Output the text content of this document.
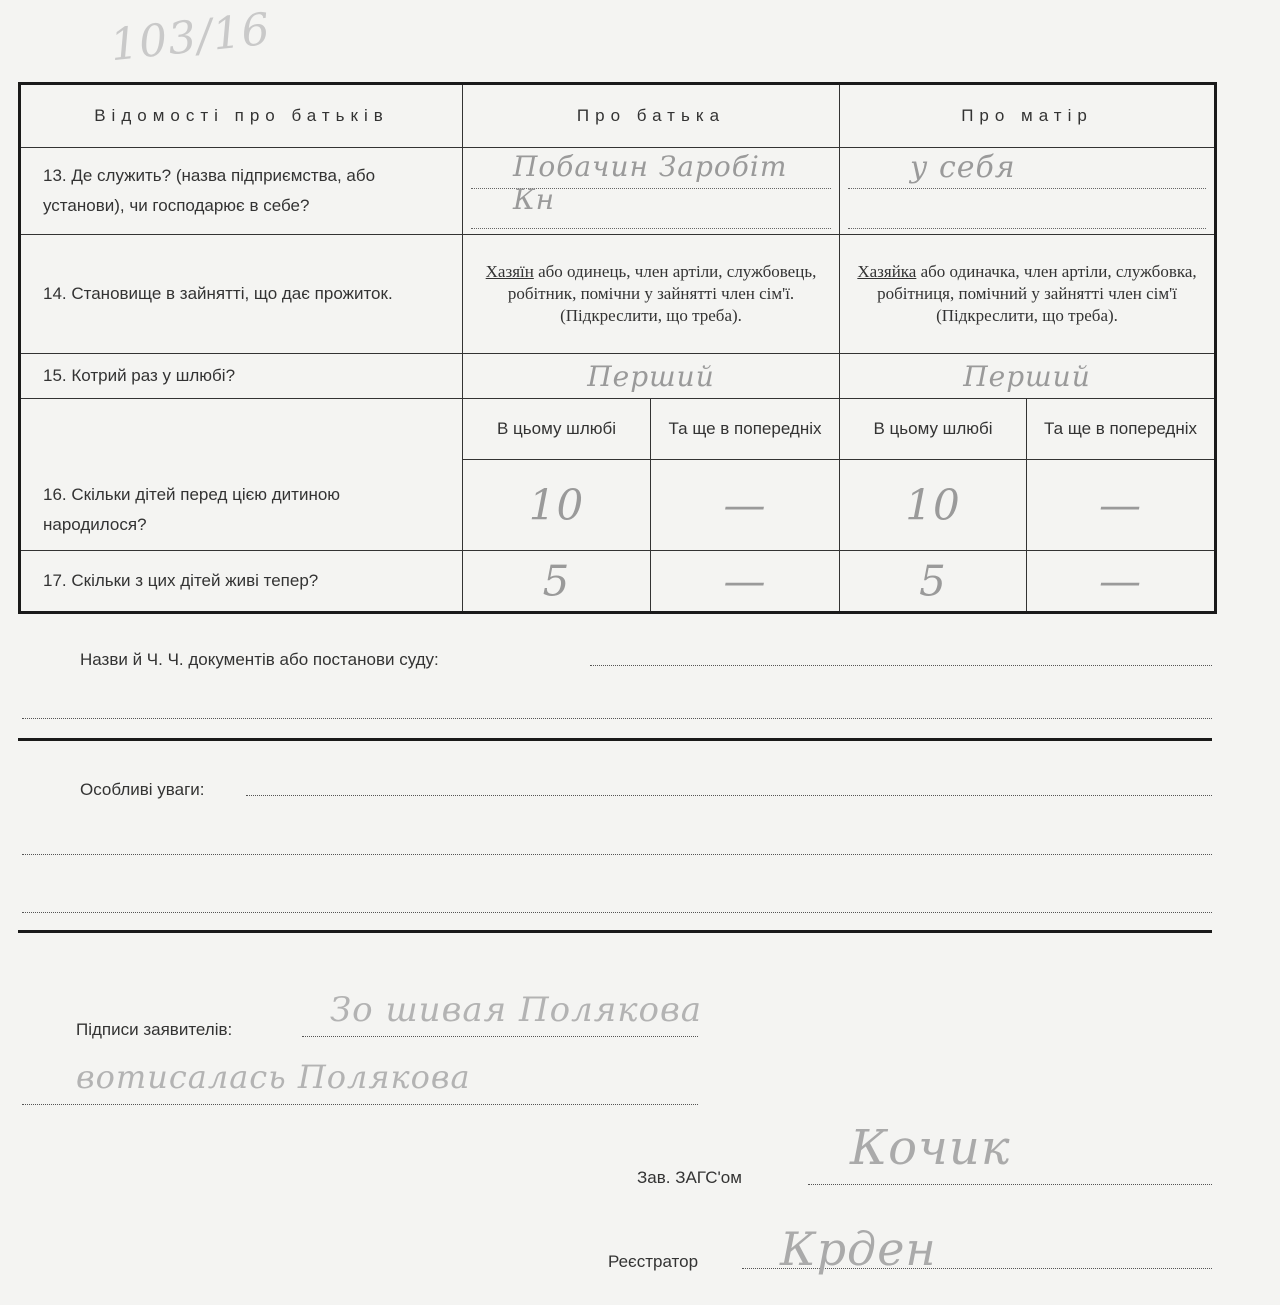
103/16
Відомості про батьків	Про батька		Про матір	
13. Де служить? (назва підприємства, або установи), чи господарює в себе?	Побачин Заробіт Кн		у себя	

14. Становище в зайнятті, що дає прожиток.	Хазяїн або одинець, член артіли, службовець, робітник, помічни у зайнятті член сім'ї. (Підкреслити, що треба).		Хазяйка або одиначка, член артіли, службовка, робітниця, помічний у зайнятті член сім'ї (Підкреслити, що треба).	
15. Котрий раз у шлюбі?	Перший		Перший	
16. Скільки дітей перед цією дитиною народилося?	В цьому шлюбі	Та ще в попередніх	В цьому шлюбі	Та ще в попередніх

	10	—	10	—

17. Скільки з цих дітей живі тепер?	5	—	5	—
Назви й Ч. Ч. документів або постанови суду:
Особливі уваги:
Підписи заявителів:	Зо шивая Полякова
вотисалась Полякова
Зав. ЗАГС'ом
Кочик
Реєстратор Крден
